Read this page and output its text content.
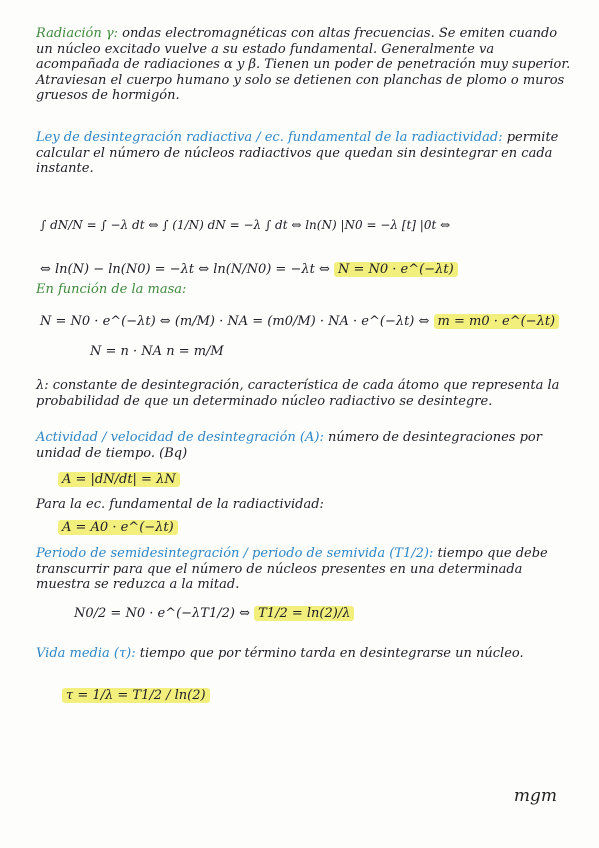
Radiación γ: ondas electromagnéticas con altas frecuencias. Se emiten cuando un núcleo excitado vuelve a su estado fundamental. Generalmente va acompañada de radiaciones α y β. Tienen un poder de penetración muy superior. Atraviesan el cuerpo humano y solo se detienen con planchas de plomo o muros gruesos de hormigón.
Ley de desintegración radiactiva / ec. fundamental de la radiactividad: permite calcular el número de núcleos radiactivos que quedan sin desintegrar en cada instante.
∫ dN/N = ∫ −λ dt ⇔ ∫ (1/N) dN = −λ ∫ dt ⇔ ln(N) |N0 = −λ [t] |0t ⇔
⇔ ln(N) − ln(N0) = −λt ⇔ ln(N/N0) = −λt ⇔ N = N0 · e^(−λt)
En función de la masa:
N = N0 · e^(−λt) ⇔ (m/M) · NA = (m0/M) · NA · e^(−λt) ⇔ m = m0 · e^(−λt)
N = n · NA n = m/M
λ: constante de desintegración, característica de cada átomo que representa la probabilidad de que un determinado núcleo radiactivo se desintegre.
Actividad / velocidad de desintegración (A): número de desintegraciones por unidad de tiempo. (Bq)
A = |dN/dt| = λN
Para la ec. fundamental de la radiactividad:
A = A0 · e^(−λt)
Periodo de semidesintegración / periodo de semivida (T1/2): tiempo que debe transcurrir para que el número de núcleos presentes en una determinada muestra se reduzca a la mitad.
N0/2 = N0 · e^(−λT1/2) ⇔ T1/2 = ln(2)/λ
Vida media (τ): tiempo que por término tarda en desintegrarse un núcleo.
τ = 1/λ = T1/2 / ln(2)
mgm
